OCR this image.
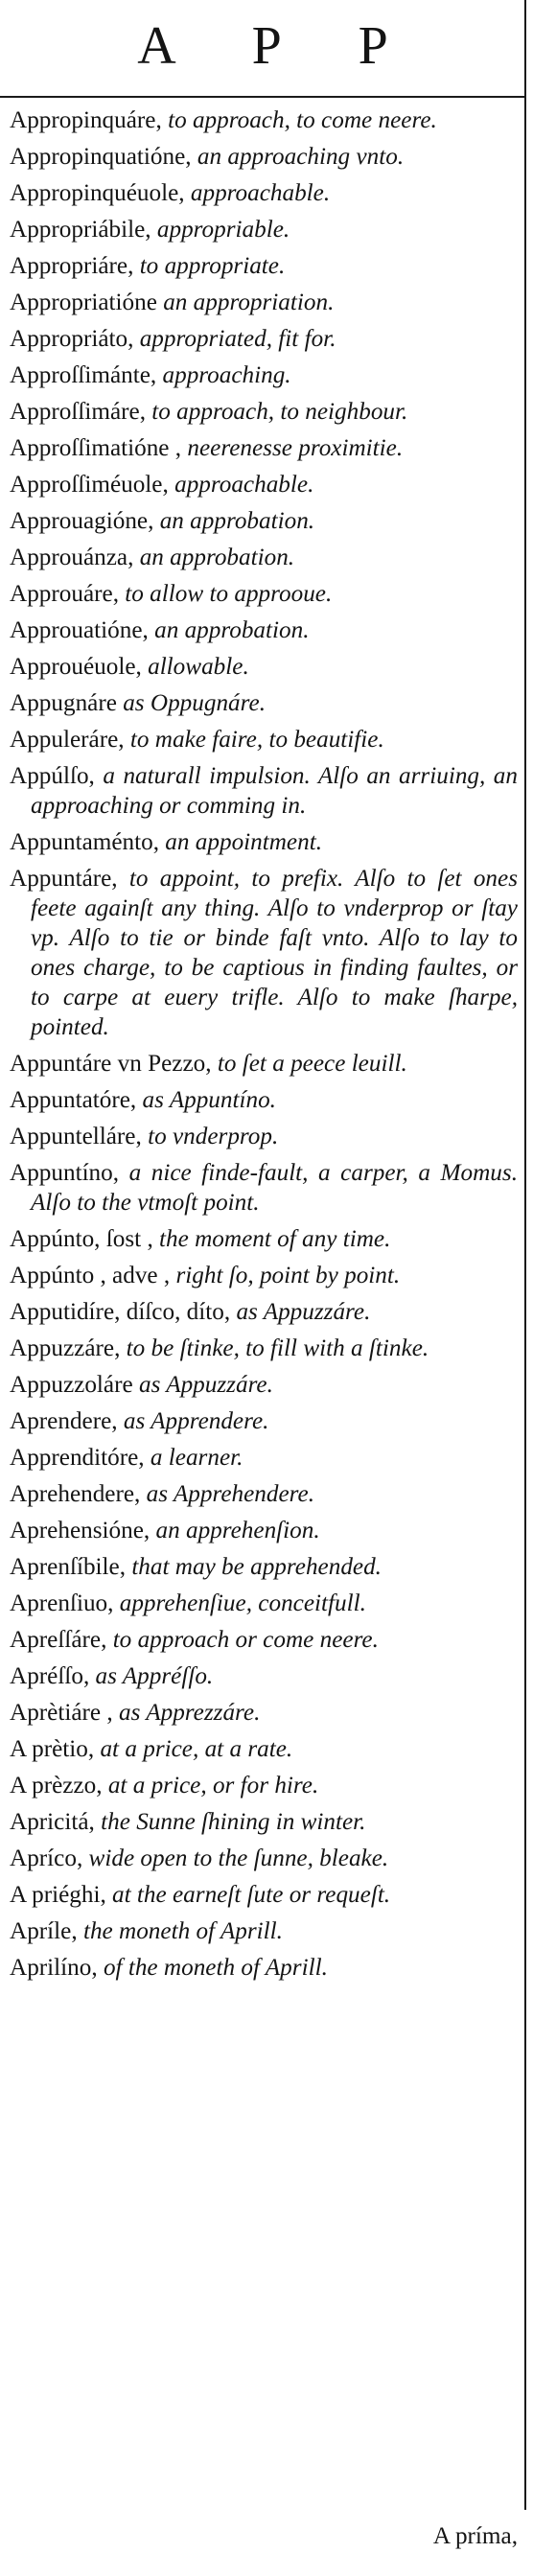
A P P

Appropinquáre, to approach, to come neere.

Appropinquatióne, an approaching vnto.

Appropinquéuole, approachable.

Appropriábile, appropriable.

Appropriáre, to appropriate.

Appropriatióne an appropriation.

Appropriáto, appropriated, fit for.

Approſſimánte, approaching.

Approſſimáre, to approach, to neighbour.

Approſſimatióne , neerenesse proximitie.

Approſſiméuole, approachable.

Approuagióne, an approbation.

Approuánza, an approbation.

Approuáre, to allow to approoue.

Approuatióne, an approbation.

Approuéuole, allowable.

Appugnáre as Oppugnáre.

Appuleráre, to make faire, to beautifie.

Appúlſo, a naturall impulsion. Alſo an arriuing, an approaching or comming in.

Appuntaménto, an appointment.

Appuntáre, to appoint, to prefix. Alſo to ſet ones feete againſt any thing. Alſo to vnderprop or ſtay vp. Alſo to tie or binde faſt vnto. Alſo to lay to ones charge, to be captious in finding faultes, or to carpe at euery trifle. Alſo to make ſharpe, pointed.

Appuntáre vn Pezzo, to ſet a peece leuill.

Appuntatóre, as Appuntíno.

Appuntelláre, to vnderprop.

Appuntíno, a nice finde-fault, a carper, a Momus. Alſo to the vtmoſt point.

Appúnto, ſost , the moment of any time.

Appúnto , adve , right ſo, point by point.

Apputidíre, díſco, díto, as Appuzzáre.

Appuzzáre, to be ſtinke, to fill with a ſtinke.

Appuzzoláre as Appuzzáre.

Aprendere, as Apprendere.

Apprenditóre, a learner.

Aprehendere, as Apprehendere.

Aprehensióne, an apprehenſion.

Aprenſíbile, that may be apprehended.

Aprenſiuo, apprehenſiue, conceitfull.

Apreſſáre, to approach or come neere.

Apréſſo, as Appréſſo.

Aprètiáre , as Apprezzáre.

A prètio, at a price, at a rate.

A prèzzo, at a price, or for hire.

Apricitá, the Sunne ſhining in winter.

Apríco, wide open to the ſunne, bleake.

A priéghi, at the earneſt ſute or requeſt.

Apríle, the moneth of Aprill.

Aprilíno, of the moneth of Aprill.

A príma,
